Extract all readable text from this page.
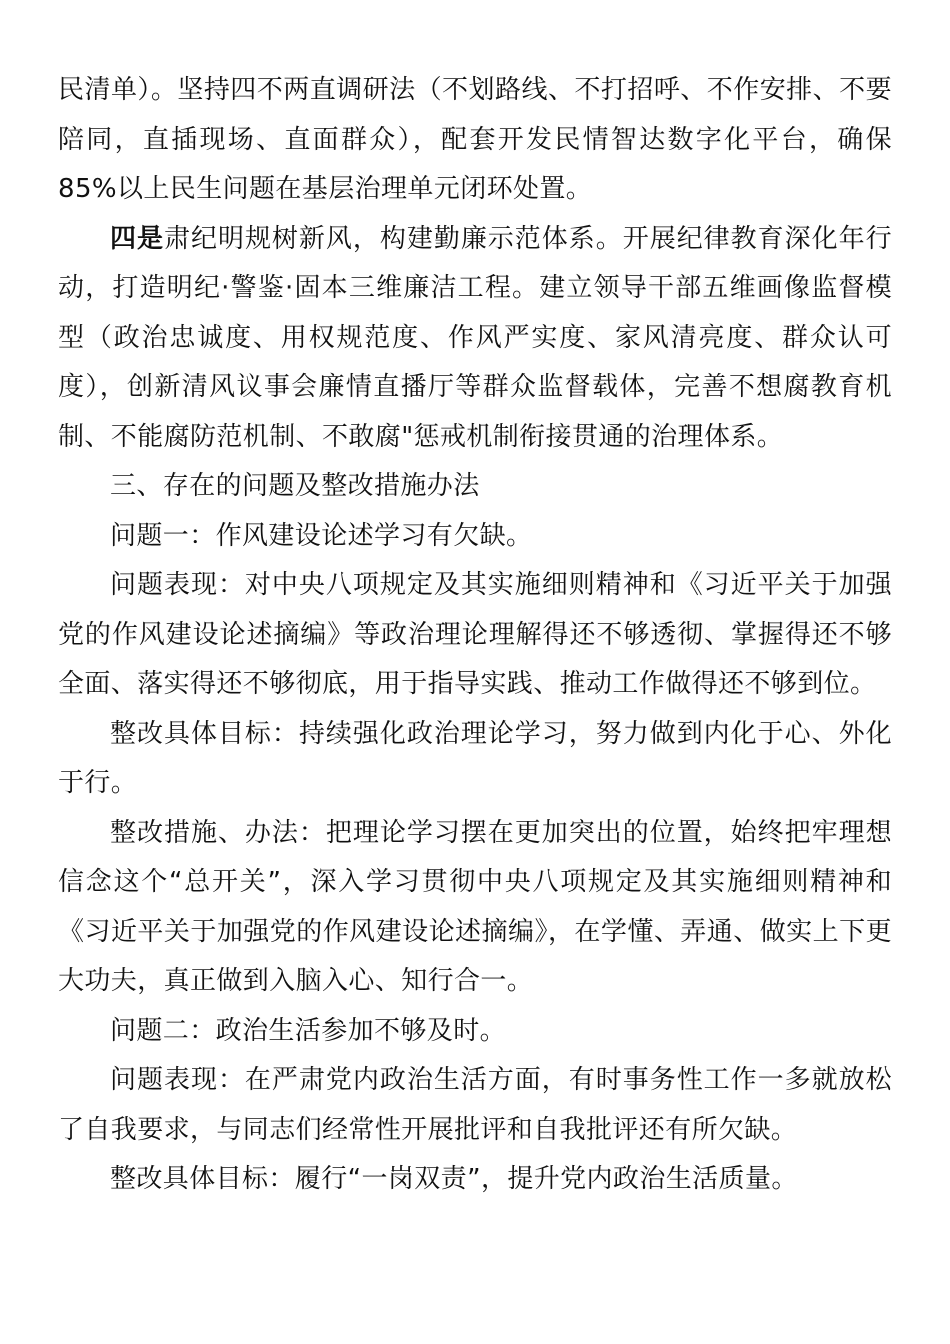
民清单）。坚持四不两直调研法（不划路线、不打招呼、不作安排、不要陪同，直插现场、直面群众），配套开发民情智达数字化平台，确保85%以上民生问题在基层治理单元闭环处置。

四是肃纪明规树新风，构建勤廉示范体系。开展纪律教育深化年行动，打造明纪·警鉴·固本三维廉洁工程。建立领导干部五维画像监督模型（政治忠诚度、用权规范度、作风严实度、家风清亮度、群众认可度），创新清风议事会廉情直播厅等群众监督载体，完善不想腐教育机制、不能腐防范机制、不敢腐"惩戒机制衔接贯通的治理体系。

三、存在的问题及整改措施办法

问题一：作风建设论述学习有欠缺。

问题表现：对中央八项规定及其实施细则精神和《习近平关于加强党的作风建设论述摘编》等政治理论理解得还不够透彻、掌握得还不够全面、落实得还不够彻底，用于指导实践、推动工作做得还不够到位。

整改具体目标：持续强化政治理论学习，努力做到内化于心、外化于行。

整改措施、办法：把理论学习摆在更加突出的位置，始终把牢理想信念这个“总开关”，深入学习贯彻中央八项规定及其实施细则精神和《习近平关于加强党的作风建设论述摘编》，在学懂、弄通、做实上下更大功夫，真正做到入脑入心、知行合一。

问题二：政治生活参加不够及时。

问题表现：在严肃党内政治生活方面，有时事务性工作一多就放松了自我要求，与同志们经常性开展批评和自我批评还有所欠缺。

整改具体目标：履行“一岗双责”，提升党内政治生活质量。
